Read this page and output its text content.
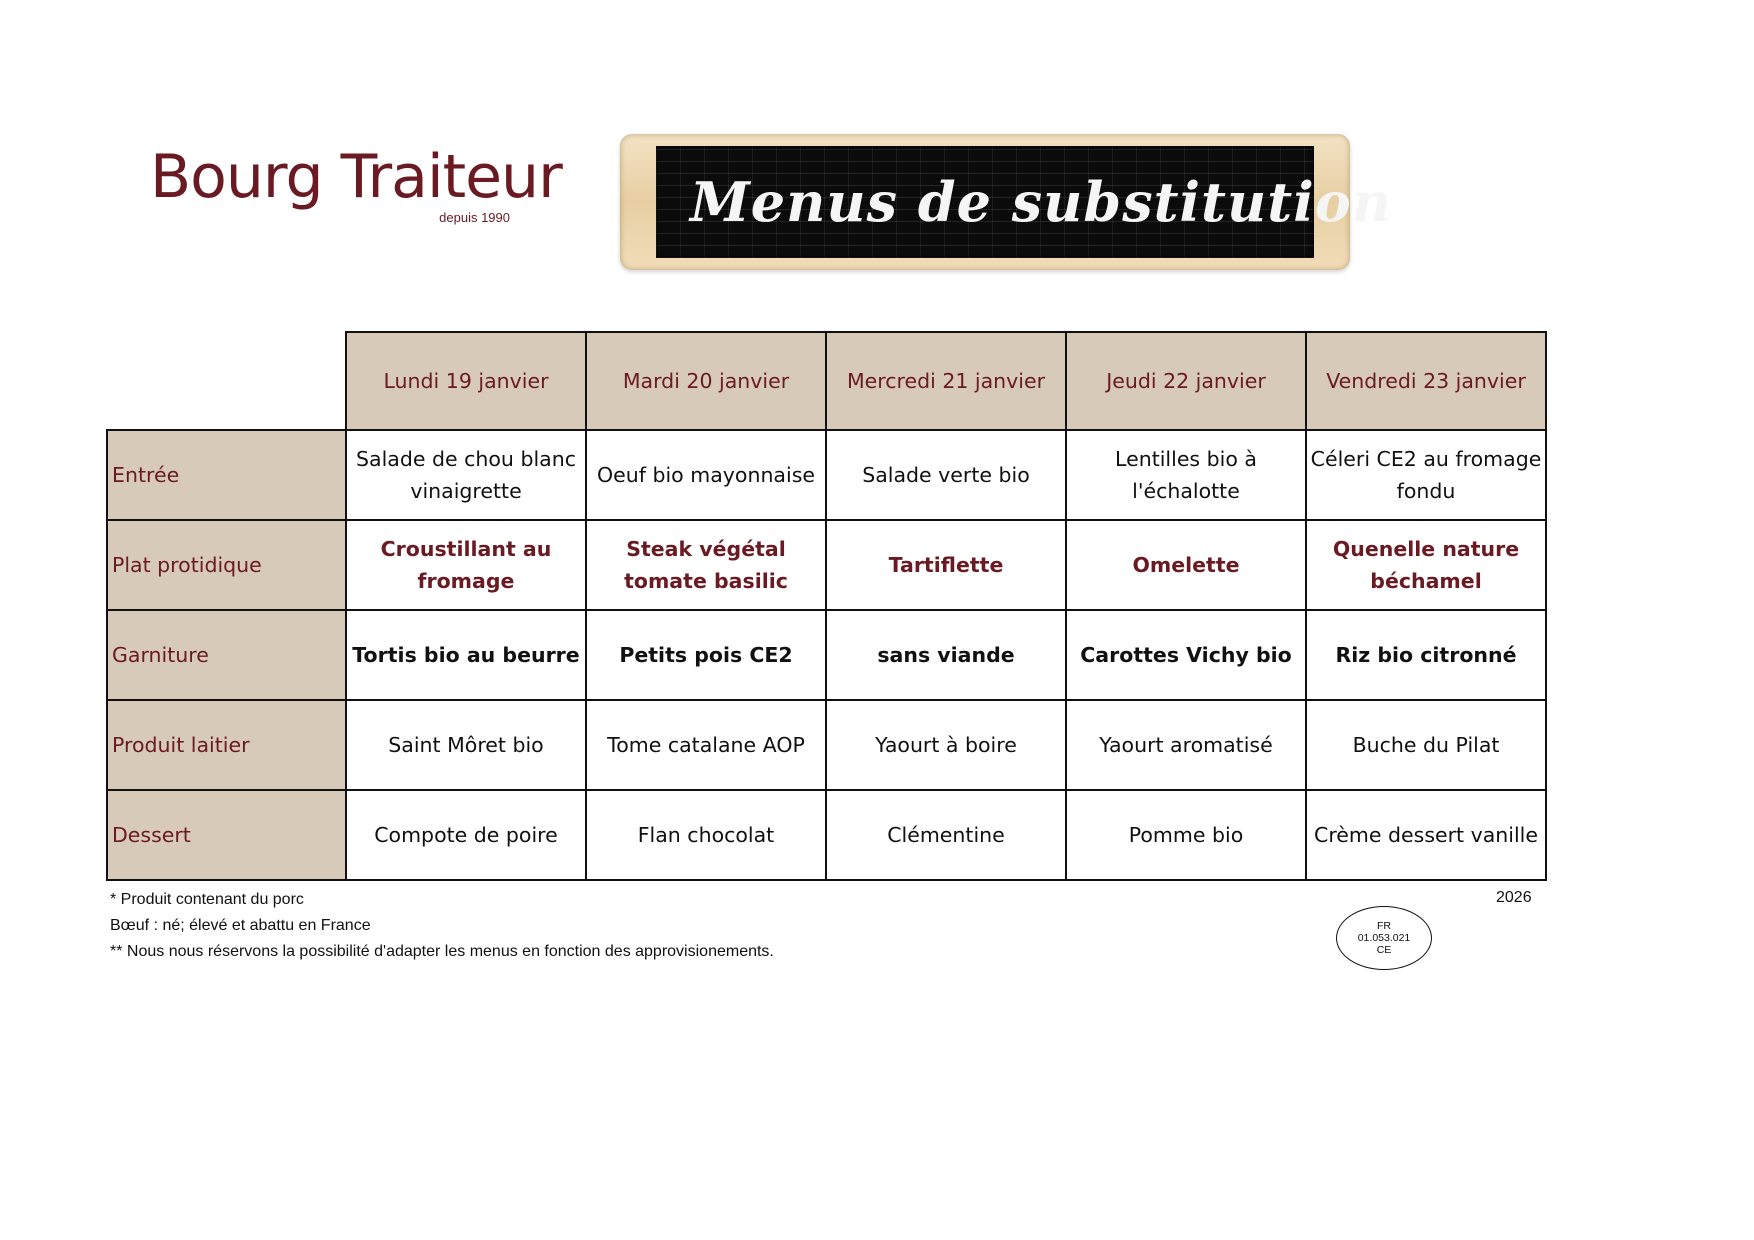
Bourg Traiteur
depuis 1990	Menus de substitution
	Lundi 19 janvier	Mardi 20 janvier	Mercredi 21 janvier	Jeudi 22 janvier	Vendredi 23 janvier
Entrée	Salade de chou blanc vinaigrette	Oeuf bio mayonnaise	Salade verte bio	Lentilles bio à l'échalotte	Céleri CE2 au fromage fondu
Plat protidique	Croustillant au fromage	Steak végétal tomate basilic	Tartiflette	Omelette	Quenelle nature béchamel
Garniture	Tortis bio au beurre	Petits pois CE2	sans viande	Carottes Vichy bio	Riz bio citronné
Produit laitier	Saint Môret bio	Tome catalane AOP	Yaourt à boire	Yaourt aromatisé	Buche du Pilat
Dessert	Compote de poire	Flan chocolat	Clémentine	Pomme bio	Crème dessert vanille
* Produit contenant du porc
Bœuf : né; élevé et abattu en France
** Nous nous réservons la possibilité d'adapter les menus en fonction des approvisionements.
2026
FR
01.053.021
CE
